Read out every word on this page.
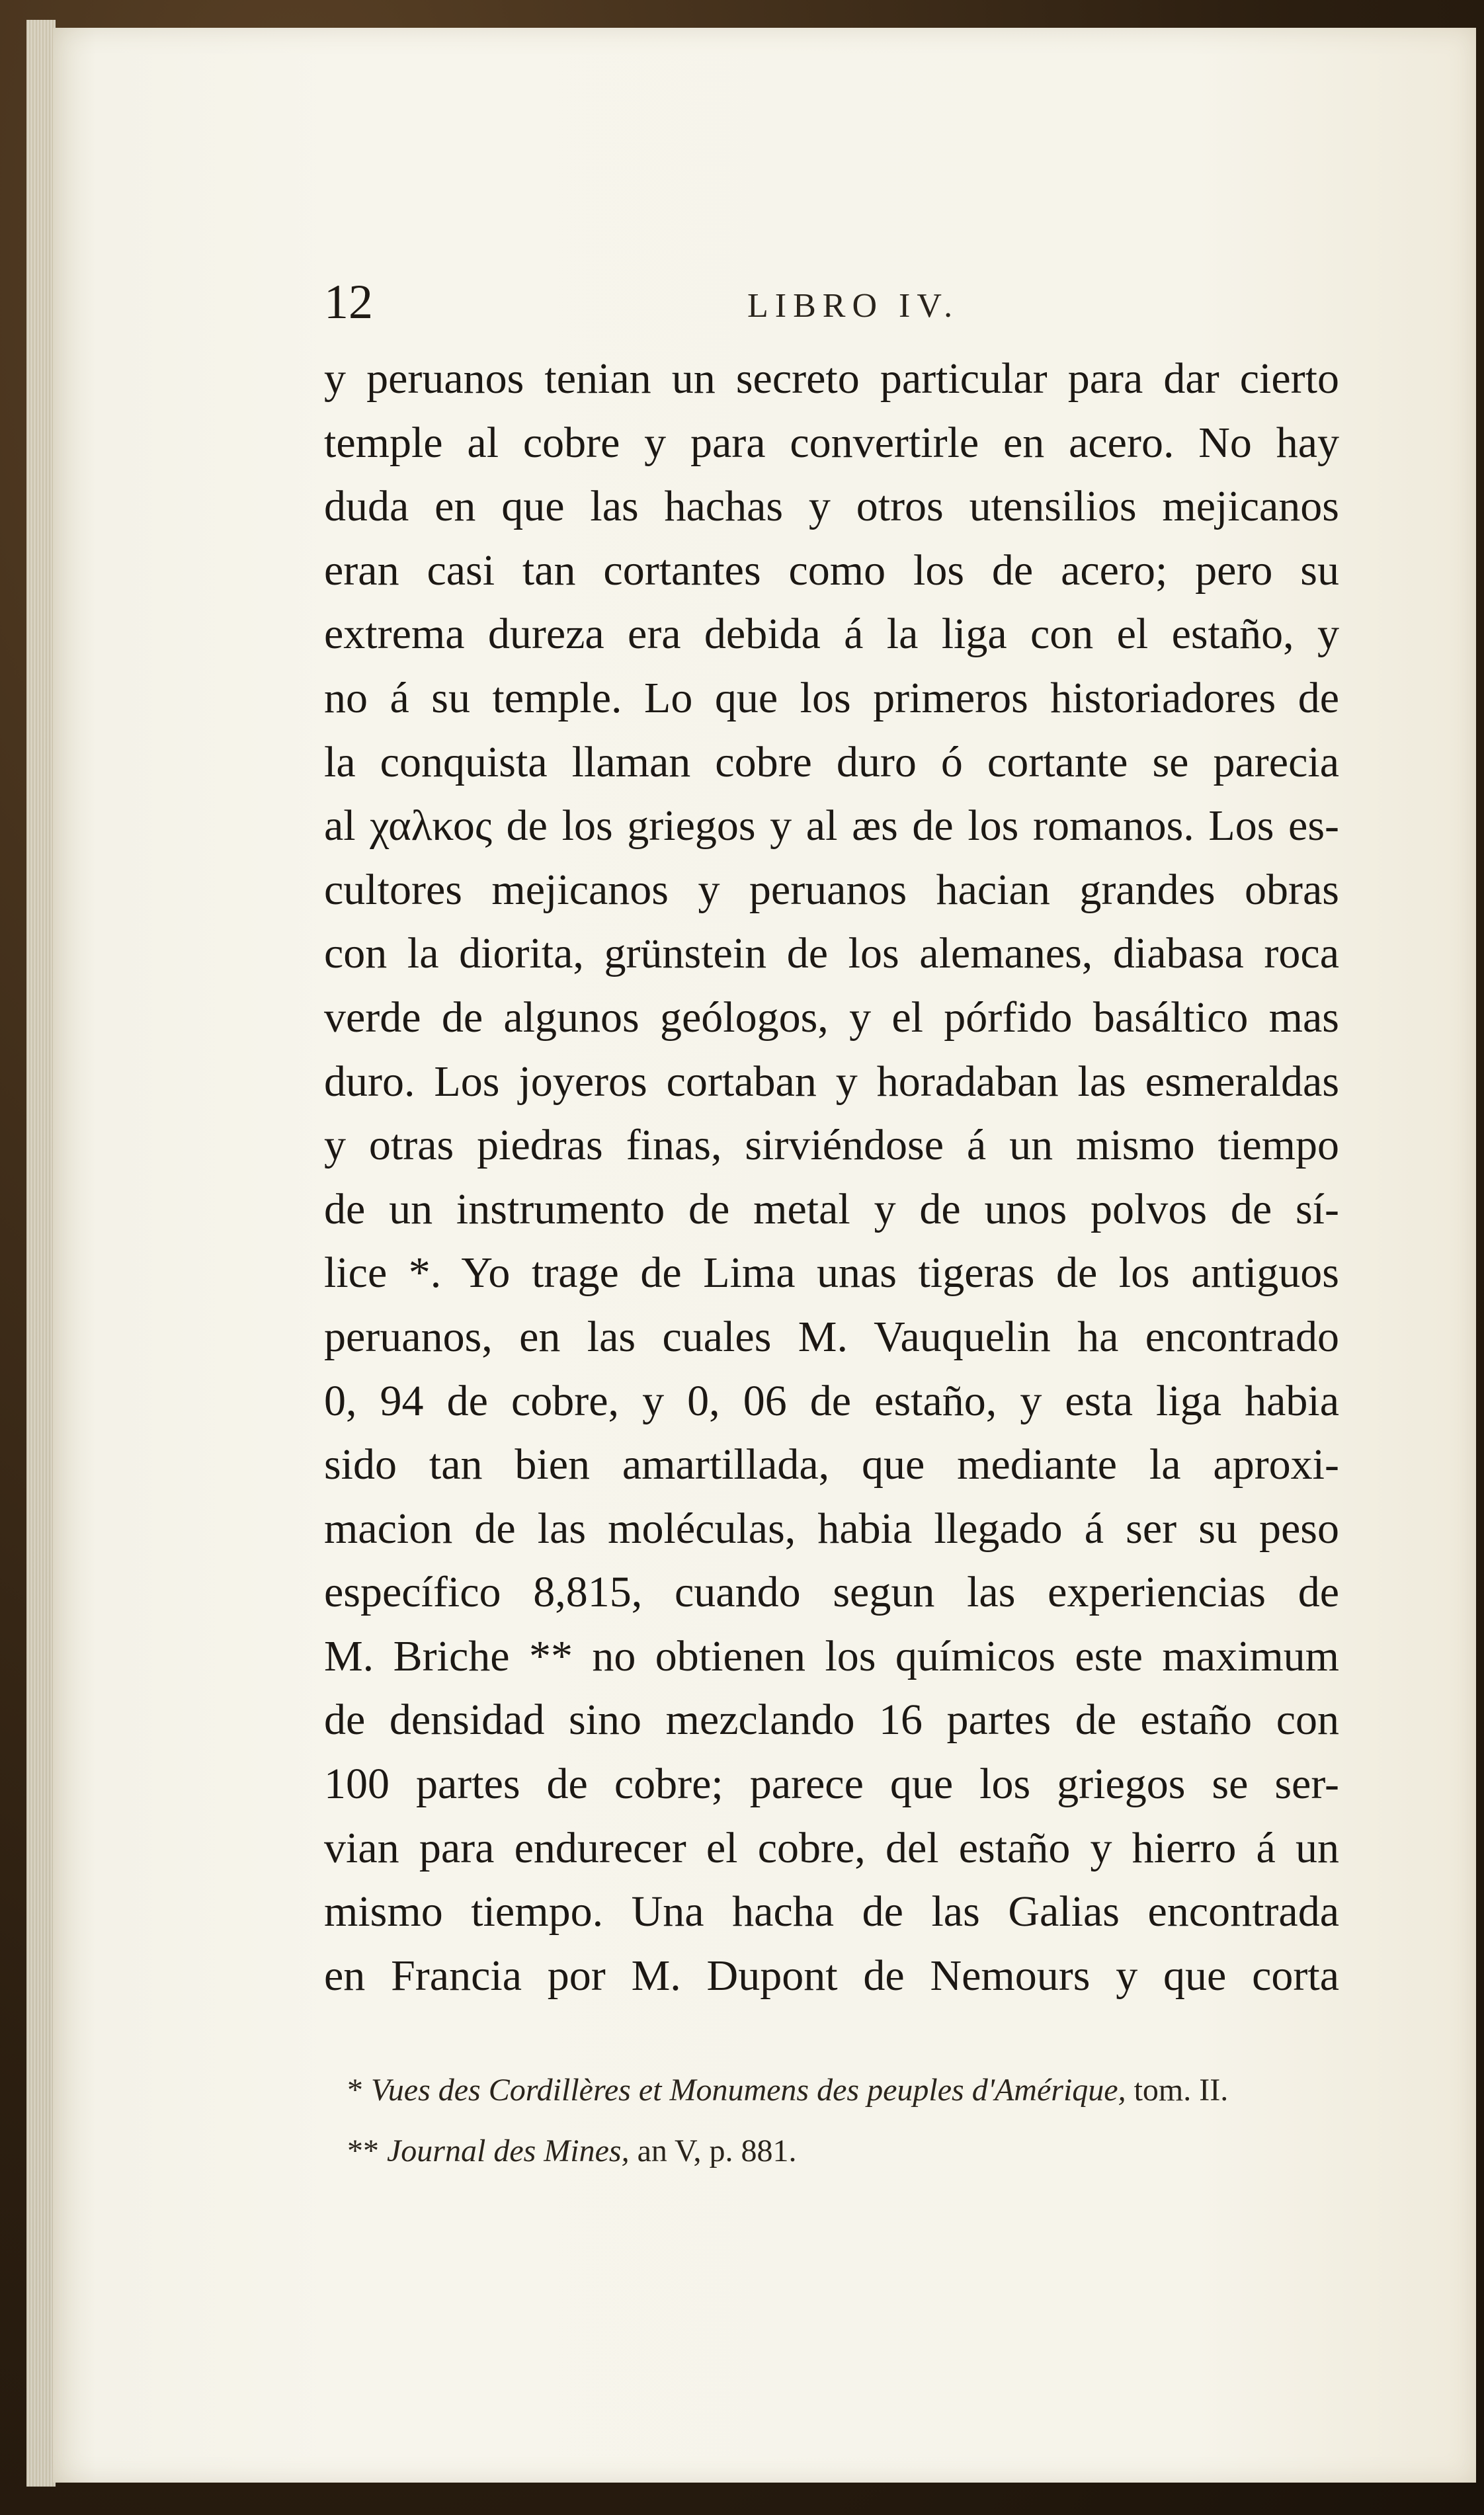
12	LIBRO IV.
y peruanos tenian un secreto particular para dar cierto
temple al cobre y para convertirle en acero. No hay
duda en que las hachas y otros utensilios mejicanos
eran casi tan cortantes como los de acero; pero su
extrema dureza era debida á la liga con el estaño, y
no á su temple. Lo que los primeros historiadores de
la conquista llaman cobre duro ó cortante se parecia
al χαλκος de los griegos y al æs de los romanos. Los es-
cultores mejicanos y peruanos hacian grandes obras
con la diorita, grünstein de los alemanes, diabasa roca
verde de algunos geólogos, y el pórfido basáltico mas
duro. Los joyeros cortaban y horadaban las esmeraldas
y otras piedras finas, sirviéndose á un mismo tiempo
de un instrumento de metal y de unos polvos de sí-
lice *. Yo trage de Lima unas tigeras de los antiguos
peruanos, en las cuales M. Vauquelin ha encontrado
0, 94 de cobre, y 0, 06 de estaño, y esta liga habia
sido tan bien amartillada, que mediante la aproxi-
macion de las moléculas, habia llegado á ser su peso
específico 8,815, cuando segun las experiencias de
M. Briche ** no obtienen los químicos este maximum
de densidad sino mezclando 16 partes de estaño con
100 partes de cobre; parece que los griegos se ser-
vian para endurecer el cobre, del estaño y hierro á un
mismo tiempo. Una hacha de las Galias encontrada
en Francia por M. Dupont de Nemours y que corta
* Vues des Cordillères et Monumens des peuples d'Amérique, tom. II.
** Journal des Mines, an V, p. 881.
